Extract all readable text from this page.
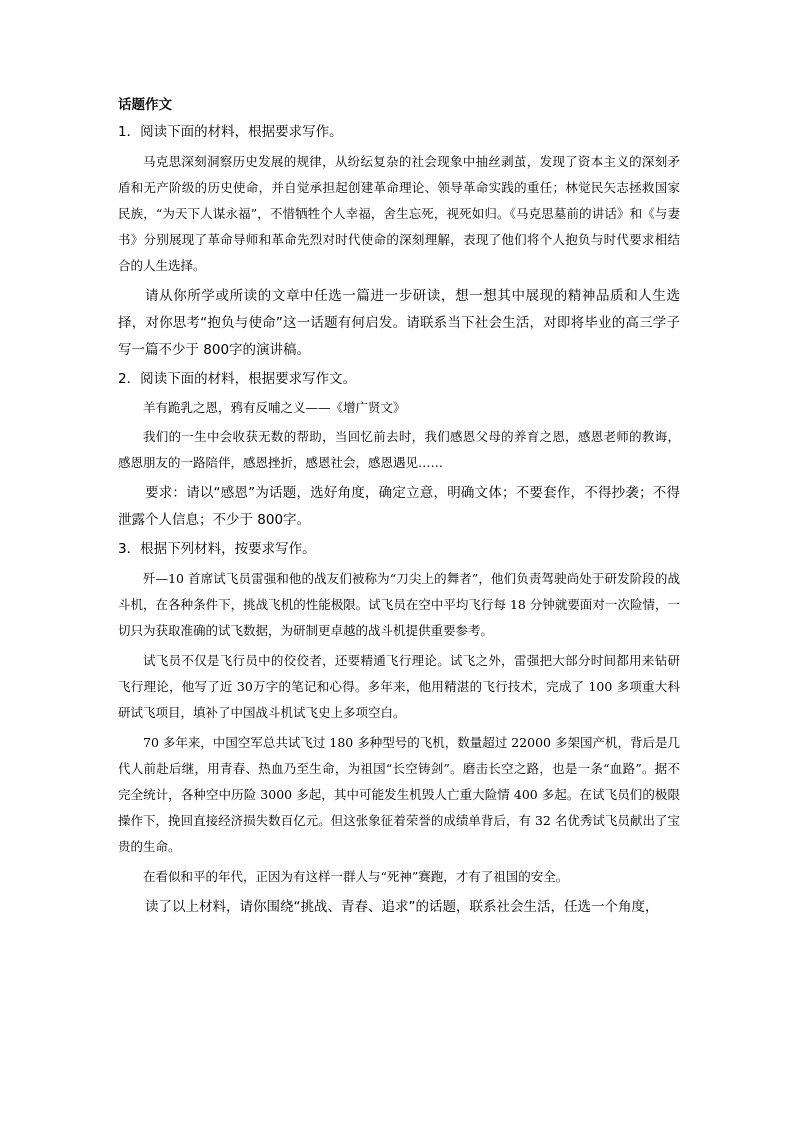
话题作文
1．阅读下面的材料，根据要求写作。

马克思深刻洞察历史发展的规律，从纷纭复杂的社会现象中抽丝剥茧，发现了资本主义的深刻矛盾和无产阶级的历史使命，并自觉承担起创建革命理论、领导革命实践的重任；林觉民矢志拯救国家民族，“为天下人谋永福”，不惜牺牲个人幸福，舍生忘死，视死如归。《马克思墓前的讲话》和《与妻书》分别展现了革命导师和革命先烈对时代使命的深刻理解，表现了他们将个人抱负与时代要求相结合的人生选择。

请从你所学或所读的文章中任选一篇进一步研读，想一想其中展现的精神品质和人生选择，对你思考“抱负与使命”这一话题有何启发。请联系当下社会生活，对即将毕业的高三学子写一篇不少于 800字的演讲稿。

2．阅读下面的材料，根据要求写作文。

羊有跪乳之恩，鸦有反哺之义——《增广贤文》

我们的一生中会收获无数的帮助，当回忆前去时，我们感恩父母的养育之恩，感恩老师的教诲，感恩朋友的一路陪伴，感恩挫折，感恩社会，感恩遇见……

要求：请以“感恩”为话题，选好角度，确定立意，明确文体；不要套作，不得抄袭；不得泄露个人信息；不少于 800字。

3．根据下列材料，按要求写作。

歼—10 首席试飞员雷强和他的战友们被称为“刀尖上的舞者”，他们负责驾驶尚处于研发阶段的战斗机，在各种条件下，挑战飞机的性能极限。试飞员在空中平均飞行每 18 分钟就要面对一次险情，一切只为获取准确的试飞数据，为研制更卓越的战斗机提供重要参考。

试飞员不仅是飞行员中的佼佼者，还要精通飞行理论。试飞之外，雷强把大部分时间都用来钻研飞行理论，他写了近 30万字的笔记和心得。多年来，他用精湛的飞行技术，完成了 100 多项重大科研试飞项目，填补了中国战斗机试飞史上多项空白。

70 多年来，中国空军总共试飞过 180 多种型号的飞机，数量超过 22000 多架国产机，背后是几代人前赴后继，用青春、热血乃至生命，为祖国“长空铸剑”。磨击长空之路，也是一条“血路”。据不完全统计，各种空中历险 3000 多起，其中可能发生机毁人亡重大险情 400 多起。在试飞员们的极限操作下，挽回直接经济损失数百亿元。但这张象征着荣誉的成绩单背后，有 32 名优秀试飞员献出了宝贵的生命。

在看似和平的年代，正因为有这样一群人与“死神”赛跑，才有了祖国的安全。

读了以上材料，请你围绕“挑战、青春、追求”的话题，联系社会生活，任选一个角度，
